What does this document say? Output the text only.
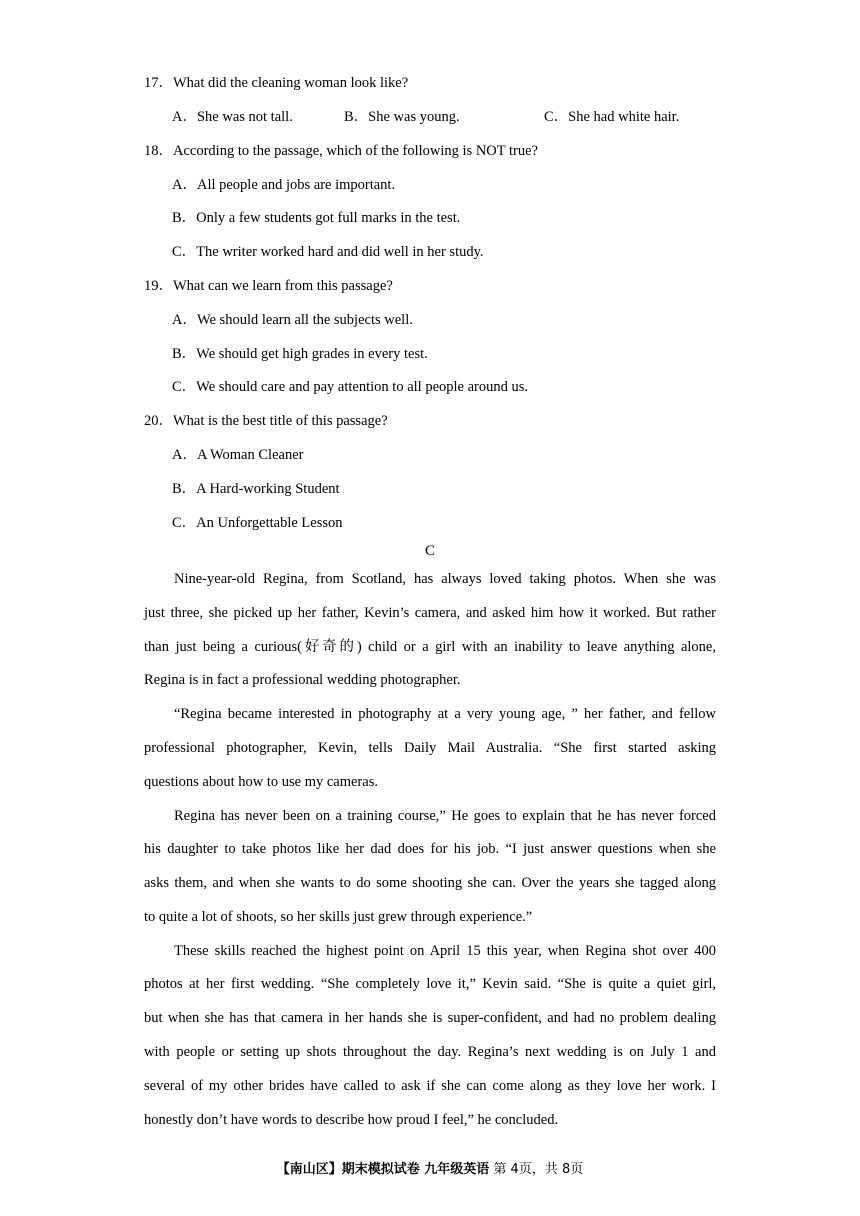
17．What did the cleaning woman look like?
A．She was not tall.	B．She was young.	C．She had white hair.
18．According to the passage, which of the following is NOT true?
A．All people and jobs are important.
B．Only a few students got full marks in the test.
C．The writer worked hard and did well in her study.
19．What can we learn from this passage?
A．We should learn all the subjects well.
B．We should get high grades in every test.
C．We should care and pay attention to all people around us.
20．What is the best title of this passage?
A．A Woman Cleaner
B．A Hard-working Student
C．An Unforgettable Lesson
C
Nine-year-old Regina, from Scotland, has always loved taking photos. When she was
just three, she picked up her father, Kevin’s camera, and asked him how it worked. But rather
than just being a curious(好奇的) child or a girl with an inability to leave anything alone,
Regina is in fact a professional wedding photographer.
“Regina became interested in photography at a very young age, ” her father, and fellow
professional photographer, Kevin, tells Daily Mail Australia. “She first started asking
questions about how to use my cameras.
Regina has never been on a training course,” He goes to explain that he has never forced
his daughter to take photos like her dad does for his job. “I just answer questions when she
asks them, and when she wants to do some shooting she can. Over the years she tagged along
to quite a lot of shoots, so her skills just grew through experience.”
These skills reached the highest point on April 15 this year, when Regina shot over 400
photos at her first wedding. “She completely love it,” Kevin said. “She is quite a quiet girl,
but when she has that camera in her hands she is super-confident, and had no problem dealing
with people or setting up shots throughout the day. Regina’s next wedding is on July 1 and
several of my other brides have called to ask if she can come along as they love her work. I
honestly don’t have words to describe how proud I feel,” he concluded.
【南山区】期末模拟试卷 九年级英语 第 4页，共 8页
